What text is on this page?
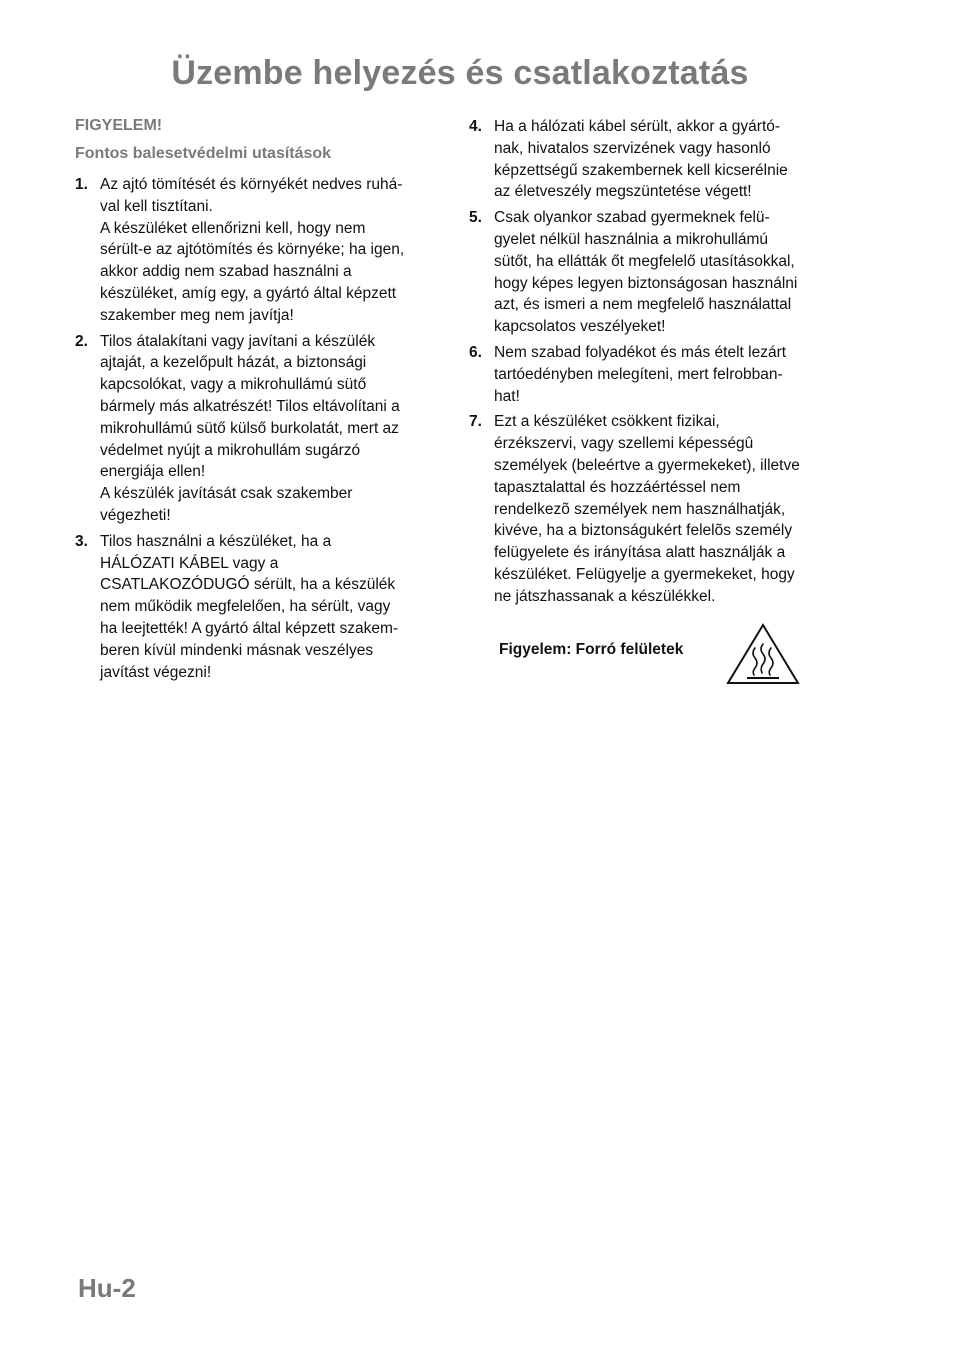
Üzembe helyezés és csatlakoztatás

FIGYELEM!

Fontos balesetvédelmi utasítások

1. Az ajtó tömítését és környékét nedves ruhá-
val kell tisztítani.
A készüléket ellenőrizni kell, hogy nem
sérült-e az ajtótömítés és környéke; ha igen,
akkor addig nem szabad használni a
készüléket, amíg egy, a gyártó által képzett
szakember meg nem javítja!
2. Tilos átalakítani vagy javítani a készülék
ajtaját, a kezelőpult házát, a biztonsági
kapcsolókat, vagy a mikrohullámú sütő
bármely más alkatrészét! Tilos eltávolítani a
mikrohullámú sütő külső burkolatát, mert az
védelmet nyújt a mikrohullám sugárzó
energiája ellen!
A készülék javítását csak szakember
végezheti!
3. Tilos használni a készüléket, ha a
HÁLÓZATI KÁBEL vagy a
CSATLAKOZÓDUGÓ sérült, ha a készülék
nem működik megfelelően, ha sérült, vagy
ha leejtették! A gyártó által képzett szakem-
beren kívül mindenki másnak veszélyes
javítást végezni!
4. Ha a hálózati kábel sérült, akkor a gyártó-
nak, hivatalos szervizének vagy hasonló
képzettségű szakembernek kell kicserélnie
az életveszély megszüntetése végett!
5. Csak olyankor szabad gyermeknek felü-
gyelet nélkül használnia a mikrohullámú
sütőt, ha ellátták őt megfelelő utasításokkal,
hogy képes legyen biztonságosan használni
azt, és ismeri a nem megfelelő használattal
kapcsolatos veszélyeket!
6. Nem szabad folyadékot és más ételt lezárt
tartóedényben melegíteni, mert felrobban-
hat!
7. Ezt a készüléket csökkent fizikai,
érzékszervi, vagy szellemi képességû
személyek (beleértve a gyermekeket), illetve
tapasztalattal és hozzáértéssel nem
rendelkezõ személyek nem használhatják,
kivéve, ha a biztonságukért felelõs személy
felügyelete és irányítása alatt használják a
készüléket. Felügyelje a gyermekeket, hogy
ne játszhassanak a készülékkel.
Figyelem: Forró felületek

Hu-2
